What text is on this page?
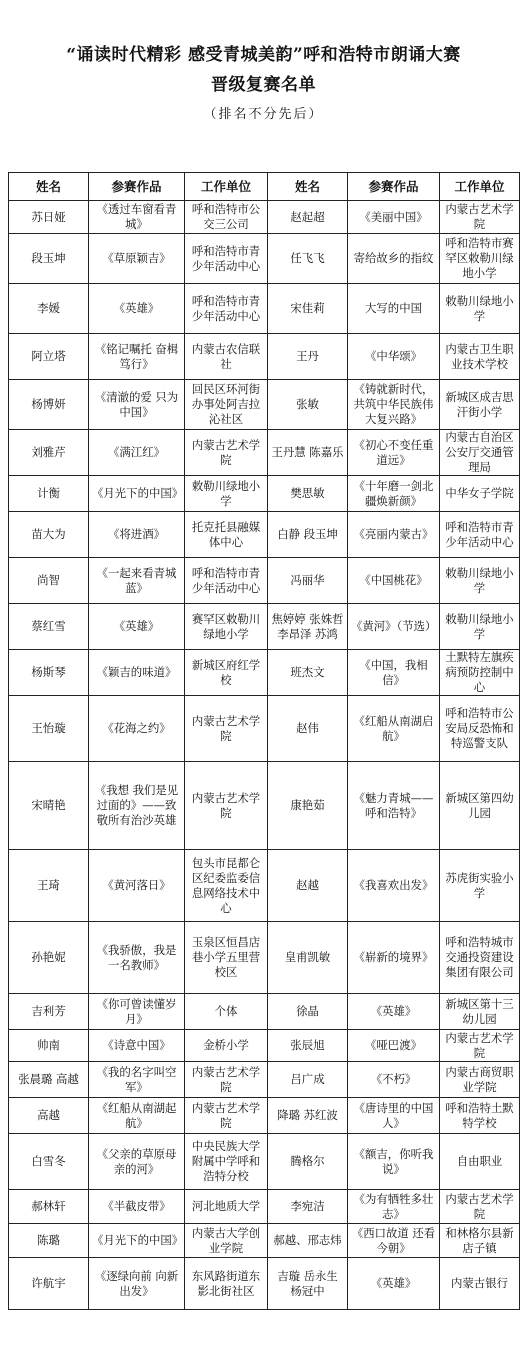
“诵读时代精彩 感受青城美韵”呼和浩特市朗诵大赛
晋级复赛名单
（排名不分先后）
姓名	参赛作品	工作单位	姓名	参赛作品	工作单位
苏日娅	《透过车窗看青城》	呼和浩特市公交三公司	赵起超	《美丽中国》	内蒙古艺术学院
段玉坤	《草原颖吉》	呼和浩特市青少年活动中心	任飞飞	寄给故乡的指纹	呼和浩特市赛罕区敕勒川绿地小学
李媛	《英雄》	呼和浩特市青少年活动中心	宋佳莉	大写的中国	敕勒川绿地小学
阿立塔	《铭记嘱托 奋楫笃行》	内蒙古农信联社	王丹	《中华颂》	内蒙古卫生职业技术学校
杨博妍	《清澈的爱 只为中国》	回民区环河街办事处阿吉拉沁社区	张敏	《铸就新时代，共筑中华民族伟大复兴路》	新城区成吉思汗街小学
刘雅芹	《满江红》	内蒙古艺术学院	王丹慧 陈嘉乐	《初心不变任重道远》	内蒙古自治区公安厅交通管理局
计衡	《月光下的中国》	敕勒川绿地小学	樊思敏	《十年磨一剑北疆焕新颜》	中华女子学院
苗大为	《将进酒》	托克托县融媒体中心	白静 段玉坤	《亮丽内蒙古》	呼和浩特市青少年活动中心
尚智	《一起来看青城蓝》	呼和浩特市青少年活动中心	冯丽华	《中国桃花》	敕勒川绿地小学
蔡红雪	《英雄》	赛罕区敕勒川绿地小学	焦婷婷 张姝哲 李昂泽 苏鸿	《黄河》（节选）	敕勒川绿地小学
杨斯琴	《颖吉的味道》	新城区府红学校	班杰文	《中国，我相信》	土默特左旗疾病预防控制中心
王怡璇	《花海之约》	内蒙古艺术学院	赵伟	《红船从南湖启航》	呼和浩特市公安局反恐怖和特巡警支队
宋晴艳	《我想 我们是见过面的》——致敬所有治沙英雄	内蒙古艺术学院	康艳茹	《魅力青城——呼和浩特》	新城区第四幼儿园
王琦	《黄河落日》	包头市昆都仑区纪委监委信息网络技术中心	赵越	《我喜欢出发》	苏虎街实验小学
孙艳妮	《我骄傲，我是一名教师》	玉泉区恒昌店巷小学五里营校区	皇甫凯敏	《崭新的境界》	呼和浩特城市交通投资建设集团有限公司
吉利芳	《你可曾读懂岁月》	个体	徐晶	《英雄》	新城区第十三幼儿园
帅南	《诗意中国》	金桥小学	张辰旭	《哑巴渡》	内蒙古艺术学院
张晨璐 高越	《我的名字叫空军》	内蒙古艺术学院	吕广成	《不朽》	内蒙古商贸职业学院
高越	《红船从南湖起航》	内蒙古艺术学院	降璐 苏红波	《唐诗里的中国人》	呼和浩特土默特学校
白雪冬	《父亲的草原母亲的河》	中央民族大学附属中学呼和浩特分校	腾格尔	《额吉，你听我说》	自由职业
郝林轩	《半截皮带》	河北地质大学	李宛洁	《为有牺牲多壮志》	内蒙古艺术学院
陈璐	《月光下的中国》	内蒙古大学创业学院	郝越、邢志炜	《西口故道 还看今朝》	和林格尔县新店子镇
许航宇	《逐绿向前 向新出发》	东风路街道东影北街社区	吉璇 岳永生 杨冠中	《英雄》	内蒙古银行
